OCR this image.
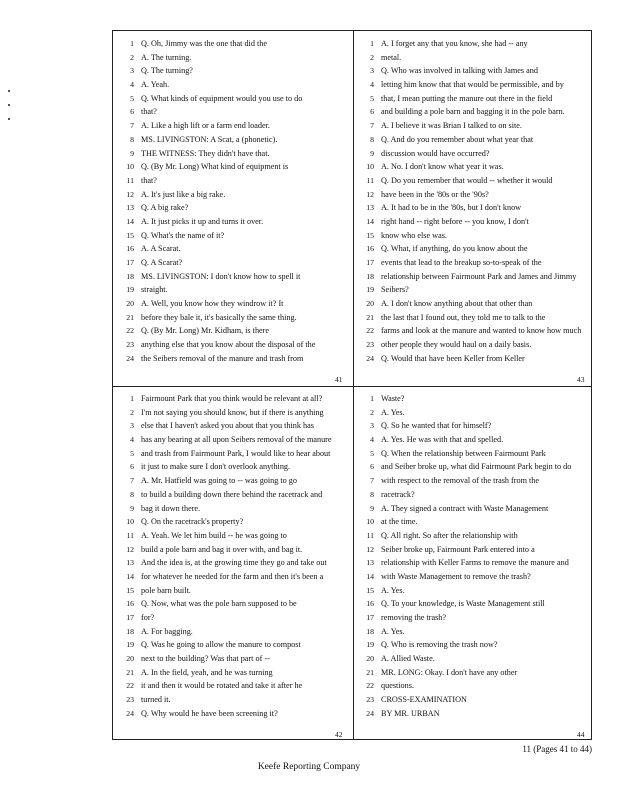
1 Q. Oh, Jimmy was the one that did the
2 A. The turning.
3 Q. The turning?
4 A. Yeah.
5 Q. What kinds of equipment would you use to do
6 that?
7 A. Like a high lift or a farm end loader.
8 MS. LIVINGSTON: A Scat, a (phonetic).
9 THE WITNESS: They didn't have that.
10 Q. (By Mr. Long) What kind of equipment is
11 that?
12 A. It's just like a big rake.
13 Q. A big rake?
14 A. It just picks it up and turns it over.
15 Q. What's the name of it?
16 A. A Scarat.
17 Q. A Scarat?
18 MS. LIVINGSTON: I don't know how to spell it
19 straight.
20 A. Well, you know how they windrow it? It
21 before they bale it, it's basically the same thing.
22 Q. (By Mr. Long) Mr. Kidham, is there
23 anything else that you know about the disposal of the
24 the Seibers removal of the manure and trash from
41
1 A. I forget any that you know, she had -- any
2 metal.
3 Q. Who was involved in talking with James and
4 letting him know that that would be permissible, and by
5 that, I mean putting the manure out there in the field
6 and building a pole barn and bagging it in the pole barn.
7 A. I believe it was Brian I talked to on site.
8 Q. And do you remember about what year that
9 discussion would have occurred?
10 A. No. I don't know what year it was.
11 Q. Do you remember that would -- whether it would
12 have been in the '80s or the '90s?
13 A. It had to be in the '80s, but I don't know
14 right hand -- right before -- you know, I don't
15 know who else was.
16 Q. What, if anything, do you know about the
17 events that lead to the breakup so-to-speak of the
18 relationship between Fairmount Park and James and Jimmy
19 Seibers?
20 A. I don't know anything about that other than
21 the last that I found out, they told me to talk to the
22 farms and look at the manure and wanted to know how much
23 other people they would haul on a daily basis.
24 Q. Would that have been Keller from Keller
43
1 Fairmount Park that you think would be relevant at all?
2 I'm not saying you should know, but if there is anything
3 else that I haven't asked you about that you think has
4 has any bearing at all upon Seibers removal of the manure
5 and trash from Fairmount Park, I would like to hear about
6 it just to make sure I don't overlook anything.
7 A. Mr. Hatfield was going to -- was going to go
8 to build a building down there behind the racetrack and
9 bag it down there.
10 Q. On the racetrack's property?
11 A. Yeah. We let him build -- he was going to
12 build a pole barn and bag it over with, and bag it.
13 And the idea is, at the growing time they go and take out
14 for whatever he needed for the farm and then it's been a
15 pole barn built.
16 Q. Now, what was the pole barn supposed to be
17 for?
18 A. For bagging.
19 Q. Was he going to allow the manure to compost
20 next to the building? Was that part of --
21 A. In the field, yeah, and he was turning
22 it and then it would be rotated and take it after he
23 turned it.
24 Q. Why would he have been screening it?
42
1 Waste?
2 A. Yes.
3 Q. So he wanted that for himself?
4 A. Yes. He was with that and spelled.
5 Q. When the relationship between Fairmount Park
6 and Seiber broke up, what did Fairmount Park begin to do
7 with respect to the removal of the trash from the
8 racetrack?
9 A. They signed a contract with Waste Management
10 at the time.
11 Q. All right. So after the relationship with
12 Seiber broke up, Fairmount Park entered into a
13 relationship with Keller Farms to remove the manure and
14 with Waste Management to remove the trash?
15 A. Yes.
16 Q. To your knowledge, is Waste Management still
17 removing the trash?
18 A. Yes.
19 Q. Who is removing the trash now?
20 A. Allied Waste.
21 MR. LONG: Okay. I don't have any other
22 questions.
23 CROSS-EXAMINATION
24 BY MR. URBAN
44
11 (Pages 41 to 44)
Keefe Reporting Company
